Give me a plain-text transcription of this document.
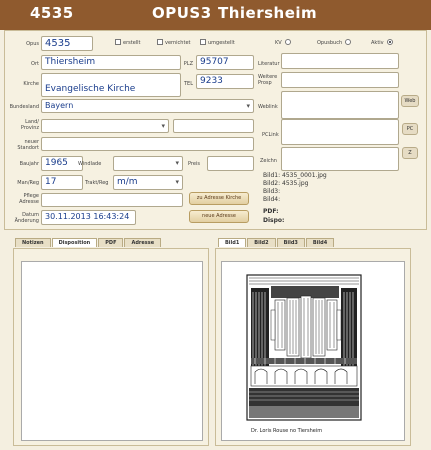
4535	OPUS3 Thiersheim
Opus 4535	erstellt	vernichtet	umgestellt	KV	Opusbuch	Aktiv
Ort Thiersheim	PLZ 95707
Kirche Evangelische Kirche	TEL 9233
Bundesland Bayern ▾
Land/ Provinz
▾
neuer Standort
Baujahr 1965	Windlade
▾	Preis
Man/Reg 17	Trakt/Reg m/m ▾
Pflege Adresse
zu Adresse Kirche
Datum Änderung 30.11.2013 16:43:24	neue Adresse
Literatur
Weitere Prosp
Weblink
Web
PCLink
PC
Zeichn
Z
Bild1: 4535_0001.jpg
Bild2: 4535.jpg
Bild3:
Bild4:
PDF:
Dispo:
Notizen	Disposition	PDF	Adresse	Bild1	Bild2	Bild3	Bild4
Dr. Loris Rouse no Tiersheim
